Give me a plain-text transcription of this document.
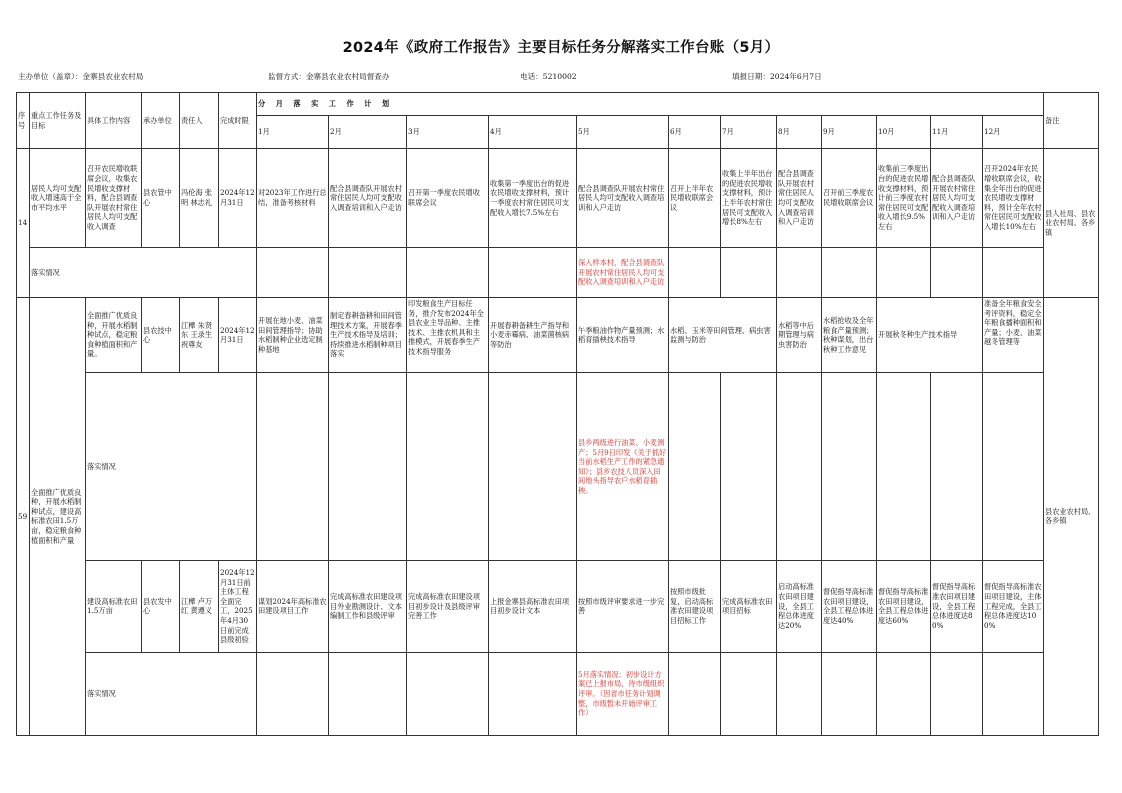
2024年《政府工作报告》主要目标任务分解落实工作台账（5月）
主办单位（盖章）：金寨县农业农村局	监督方式：金寨县农业农村局督查办	电话：5210002	填报日期：2024年6月7日
序号	重点工作任务及目标	具体工作内容	承办单位	责任人	完成时限	分 月 落 实 工 作 计 划												备注
						1月	2月	3月	4月	5月	6月	7月	8月	9月	10月	11月	12月	
14	居民人均可支配收入增速高于全市平均水平	召开农民增收联席会议，收集农民增收支撑材料，配合县调查队开展农村常住居民人均可支配收入调查	县农管中心	冯伦海 张明 林志礼	2024年12月31日	对2023年工作进行总结，准备考核材料	配合县调查队开展农村常住居民人均可支配收入调查培训和入户走访	召开第一季度农民增收联席会议	收集第一季度出台的促进农民增收支撑材料，预计一季度农村常住居民可支配收入增长7.5%左右	配合县调查队开展农村常住居民人均可支配收入调查培训和入户走访	召开上半年农民增收联席会议	收集上半年出台的促进农民增收支撑材料，预计上半年农村常住居民可支配收入增长8%左右	配合县调查队开展农村常住居民人均可支配收入调查培训和入户走访	召开前三季度农民增收联席会议	收集前三季度出台的促进农民增收支撑材料，预计前三季度农村常住居民可支配收入增长9.5%左右	配合县调查队开展农村常住居民人均可支配收入调查培训和入户走访	召开2024年农民增收联席会议，收集全年出台的促进农民增收支撑材料，预计全年农村常住居民可支配收入增长10%左右	县人社局、县农业农村局、各乡镇
	落实情况									深入样本村，配合县调查队开展农村常住居民人均可支配收入调查培训和入户走访								
59	全面推广优质良种，开展水稻制种试点，建设高标准农田1.5万亩，稳定粮食种植面积和产量	全面推广优质良种，开展水稻制种试点，稳定粮食种植面积和产量。	县农技中心	江樺 朱贤东 王录生 祝尊友	2024年12月31日	开展在地小麦、油菜田间管理指导；协助水稻制种企业选定制种基地	制定春耕备耕和田间管理技术方案，开展春季生产技术指导及培训；持续推进水稻制种项目落实	印发粮食生产目标任务，推介发布2024年全县农业主导品种、主推技术、主推农机具和主推模式，开展春季生产技术指导服务	开展春耕备耕生产指导和小麦赤霉病、油菜菌核病等防治	午季粮油作物产量预测；水稻育插秧技术指导	水稻、玉米等田间管理、病虫害监测与防治		水稻等中后期管理与病虫害防治	水稻抢收及全年粮食产量预测；秋种谋划，出台秋种工作意见	开展秋冬种生产技术指导		准备全年粮食安全考评资料，稳定全年粮食播种面积和产量；小麦、油菜越冬管理等	县农业农村局、各乡镇
		落实情况								县乡两级进行油菜、小麦测产；5月9日印发《关于抓好当前水稻生产工作的紧急通知》；县乡农技人员深入田间地头指导农户水稻育插秧。								
		建设高标准农田1.5万亩	县农发中心	江樺 卢万红 黄遵义	2024年12月31日前主体工程全面完工，2025年4月30日前完成县级初验	谋划2024年高标准农田建设项目工作	完成高标准农田建设项目外业勘测设计、文本编制工作和县级评审	完成高标准农田建设项目初步设计及县级评审完善工作	上报金寨县高标准农田项目初步设计文本	按照市级评审要求进一步完善	按照市级批复，启动高标准农田建设项目招标工作	完成高标准农田项目招标	启动高标准农田项目建设，全县工程总体进度达20%	督促指导高标准农田项目建设，全县工程总体进度达40%	督促指导高标准农田项目建设，全县工程总体进度达60%	督促指导高标准农田项目建设，全县工程总体进度达80%	督促指导高标准农田项目建设，主体工程完成，全县工程总体进度达100%	
		落实情况								5月落实情况：初步设计方案已上报市局，待市级组织评审。（因省市任务计划调整，市级暂未开始评审工作）								
